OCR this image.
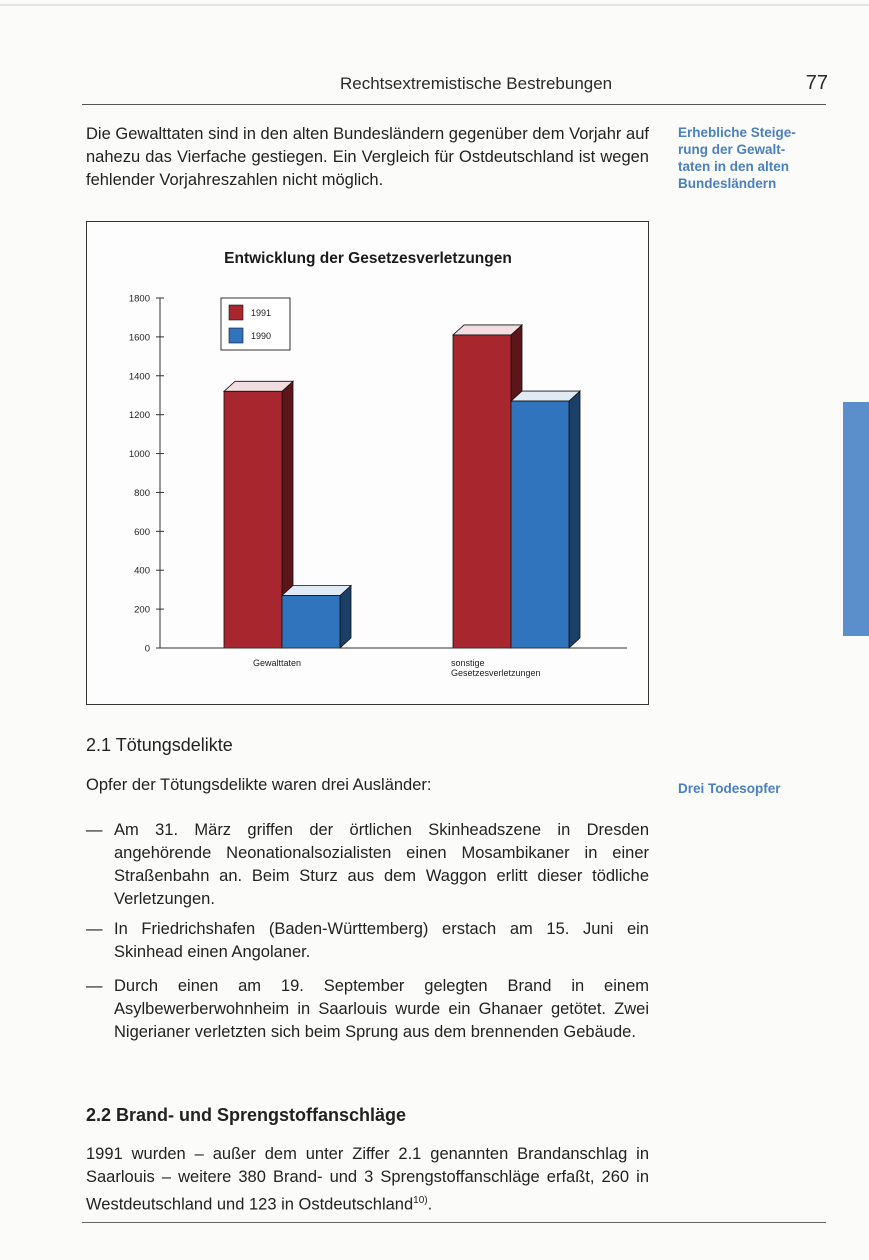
Rechtsextremistische Bestrebungen	77
Die Gewalttaten sind in den alten Bundesländern gegenüber dem Vorjahr auf nahezu das Vierfache gestiegen. Ein Vergleich für Ostdeutschland ist wegen fehlender Vorjahreszahlen nicht möglich.
Erhebliche Steige-
rung der Gewalt-
taten in den alten
Bundesländern
Entwicklung der Gesetzesverletzungen
0
200
400
600
800
1000
1200
1400
1600
1800
Gewalttaten	sonstige
Gesetzesverletzungen
1991
1990
2.1 Tötungsdelikte
Opfer der Tötungsdelikte waren drei Ausländer:	Drei Todesopfer
— Am 31. März griffen der örtlichen Skinheadszene in Dresden angehörende Neonationalsozialisten einen Mosambikaner in einer Straßenbahn an. Beim Sturz aus dem Waggon erlitt dieser tödliche Verletzungen.
— In Friedrichshafen (Baden-Württemberg) erstach am 15. Juni ein Skinhead einen Angolaner.
— Durch einen am 19. September gelegten Brand in einem Asylbewerberwohnheim in Saarlouis wurde ein Ghanaer getötet. Zwei Nigerianer verletzten sich beim Sprung aus dem brennenden Gebäude.
2.2 Brand- und Sprengstoffanschläge
1991 wurden – außer dem unter Ziffer 2.1 genannten Brandanschlag in Saarlouis – weitere 380 Brand- und 3 Sprengstoffanschläge erfaßt, 260 in Westdeutschland und 123 in Ostdeutschland$^{10)}$.
